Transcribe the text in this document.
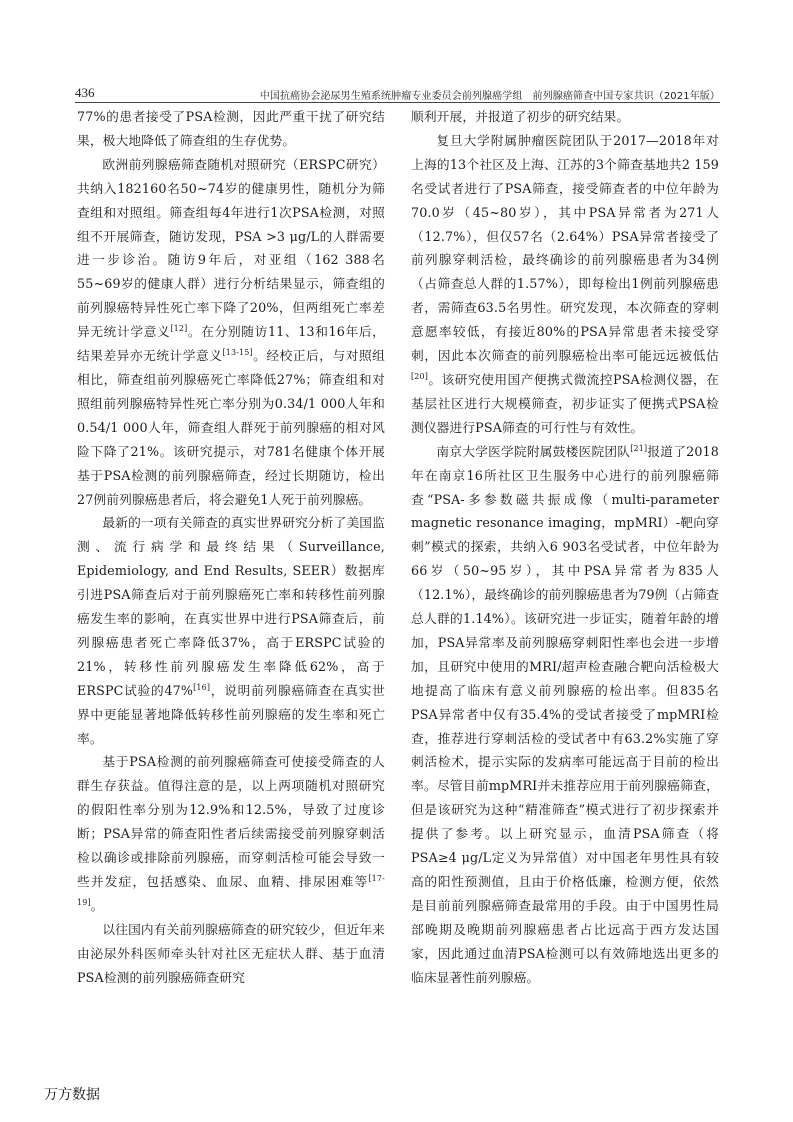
436	中国抗癌协会泌尿男生殖系统肿瘤专业委员会前列腺癌学组　前列腺癌筛查中国专家共识（2021年版）

77%的患者接受了PSA检测，因此严重干扰了研究结果，极大地降低了筛查组的生存优势。

欧洲前列腺癌筛查随机对照研究（ERSPC研究）共纳入182160名50~74岁的健康男性，随机分为筛查组和对照组。筛查组每4年进行1次PSA检测，对照组不开展筛查，随访发现，PSA >3 μg/L的人群需要进一步诊治。随访9年后，对亚组（162 388名55~69岁的健康人群）进行分析结果显示，筛查组的前列腺癌特异性死亡率下降了20%，但两组死亡率差异无统计学意义[12]。在分别随访11、13和16年后，结果差异亦无统计学意义[13-15]。经校正后，与对照组相比，筛查组前列腺癌死亡率降低27%；筛查组和对照组前列腺癌特异性死亡率分别为0.34/1 000人年和0.54/1 000人年，筛查组人群死于前列腺癌的相对风险下降了21%。该研究提示，对781名健康个体开展基于PSA检测的前列腺癌筛查，经过长期随访，检出27例前列腺癌患者后，将会避免1人死于前列腺癌。

最新的一项有关筛查的真实世界研究分析了美国监测、流行病学和最终结果（Surveillance, Epidemiology, and End Results, SEER）数据库引进PSA筛查后对于前列腺癌死亡率和转移性前列腺癌发生率的影响，在真实世界中进行PSA筛查后，前列腺癌患者死亡率降低37%，高于ERSPC试验的21%，转移性前列腺癌发生率降低62%，高于ERSPC试验的47%[16]，说明前列腺癌筛查在真实世界中更能显著地降低转移性前列腺癌的发生率和死亡率。

基于PSA检测的前列腺癌筛查可使接受筛查的人群生存获益。值得注意的是，以上两项随机对照研究的假阳性率分别为12.9%和12.5%，导致了过度诊断；PSA异常的筛查阳性者后续需接受前列腺穿刺活检以确诊或排除前列腺癌，而穿刺活检可能会导致一些并发症，包括感染、血尿、血精、排尿困难等[17-19]。

以往国内有关前列腺癌筛查的研究较少，但近年来由泌尿外科医师牵头针对社区无症状人群、基于血清PSA检测的前列腺癌筛查研究

顺利开展，并报道了初步的研究结果。

复旦大学附属肿瘤医院团队于2017—2018年对上海的13个社区及上海、江苏的3个筛查基地共2 159名受试者进行了PSA筛查，接受筛查者的中位年龄为70.0岁（45~80岁），其中PSA异常者为271人（12.7%），但仅57名（2.64%）PSA异常者接受了前列腺穿刺活检，最终确诊的前列腺癌患者为34例（占筛查总人群的1.57%），即每检出1例前列腺癌患者，需筛查63.5名男性。研究发现，本次筛查的穿刺意愿率较低，有接近80%的PSA异常患者未接受穿刺，因此本次筛查的前列腺癌检出率可能远远被低估[20]。该研究使用国产便携式微流控PSA检测仪器，在基层社区进行大规模筛查，初步证实了便携式PSA检测仪器进行PSA筛查的可行性与有效性。

南京大学医学院附属鼓楼医院团队[21]报道了2018年在南京16所社区卫生服务中心进行的前列腺癌筛查“PSA-多参数磁共振成像（multi-parameter magnetic resonance imaging，mpMRI）-靶向穿刺”模式的探索，共纳入6 903名受试者，中位年龄为66岁（50~95岁），其中PSA异常者为835人（12.1%），最终确诊的前列腺癌患者为79例（占筛查总人群的1.14%）。该研究进一步证实，随着年龄的增加，PSA异常率及前列腺癌穿刺阳性率也会进一步增加，且研究中使用的MRI/超声检查融合靶向活检极大地提高了临床有意义前列腺癌的检出率。但835名PSA异常者中仅有35.4%的受试者接受了mpMRI检查，推荐进行穿刺活检的受试者中有63.2%实施了穿刺活检术，提示实际的发病率可能远高于目前的检出率。尽管目前mpMRI并未推荐应用于前列腺癌筛查，但是该研究为这种“精准筛查”模式进行了初步探索并提供了参考。以上研究显示，血清PSA筛查（将PSA≥4 μg/L定义为异常值）对中国老年男性具有较高的阳性预测值，且由于价格低廉，检测方便，依然是目前前列腺癌筛查最常用的手段。由于中国男性局部晚期及晚期前列腺癌患者占比远高于西方发达国家，因此通过血清PSA检测可以有效筛地选出更多的临床显著性前列腺癌。

万方数据
